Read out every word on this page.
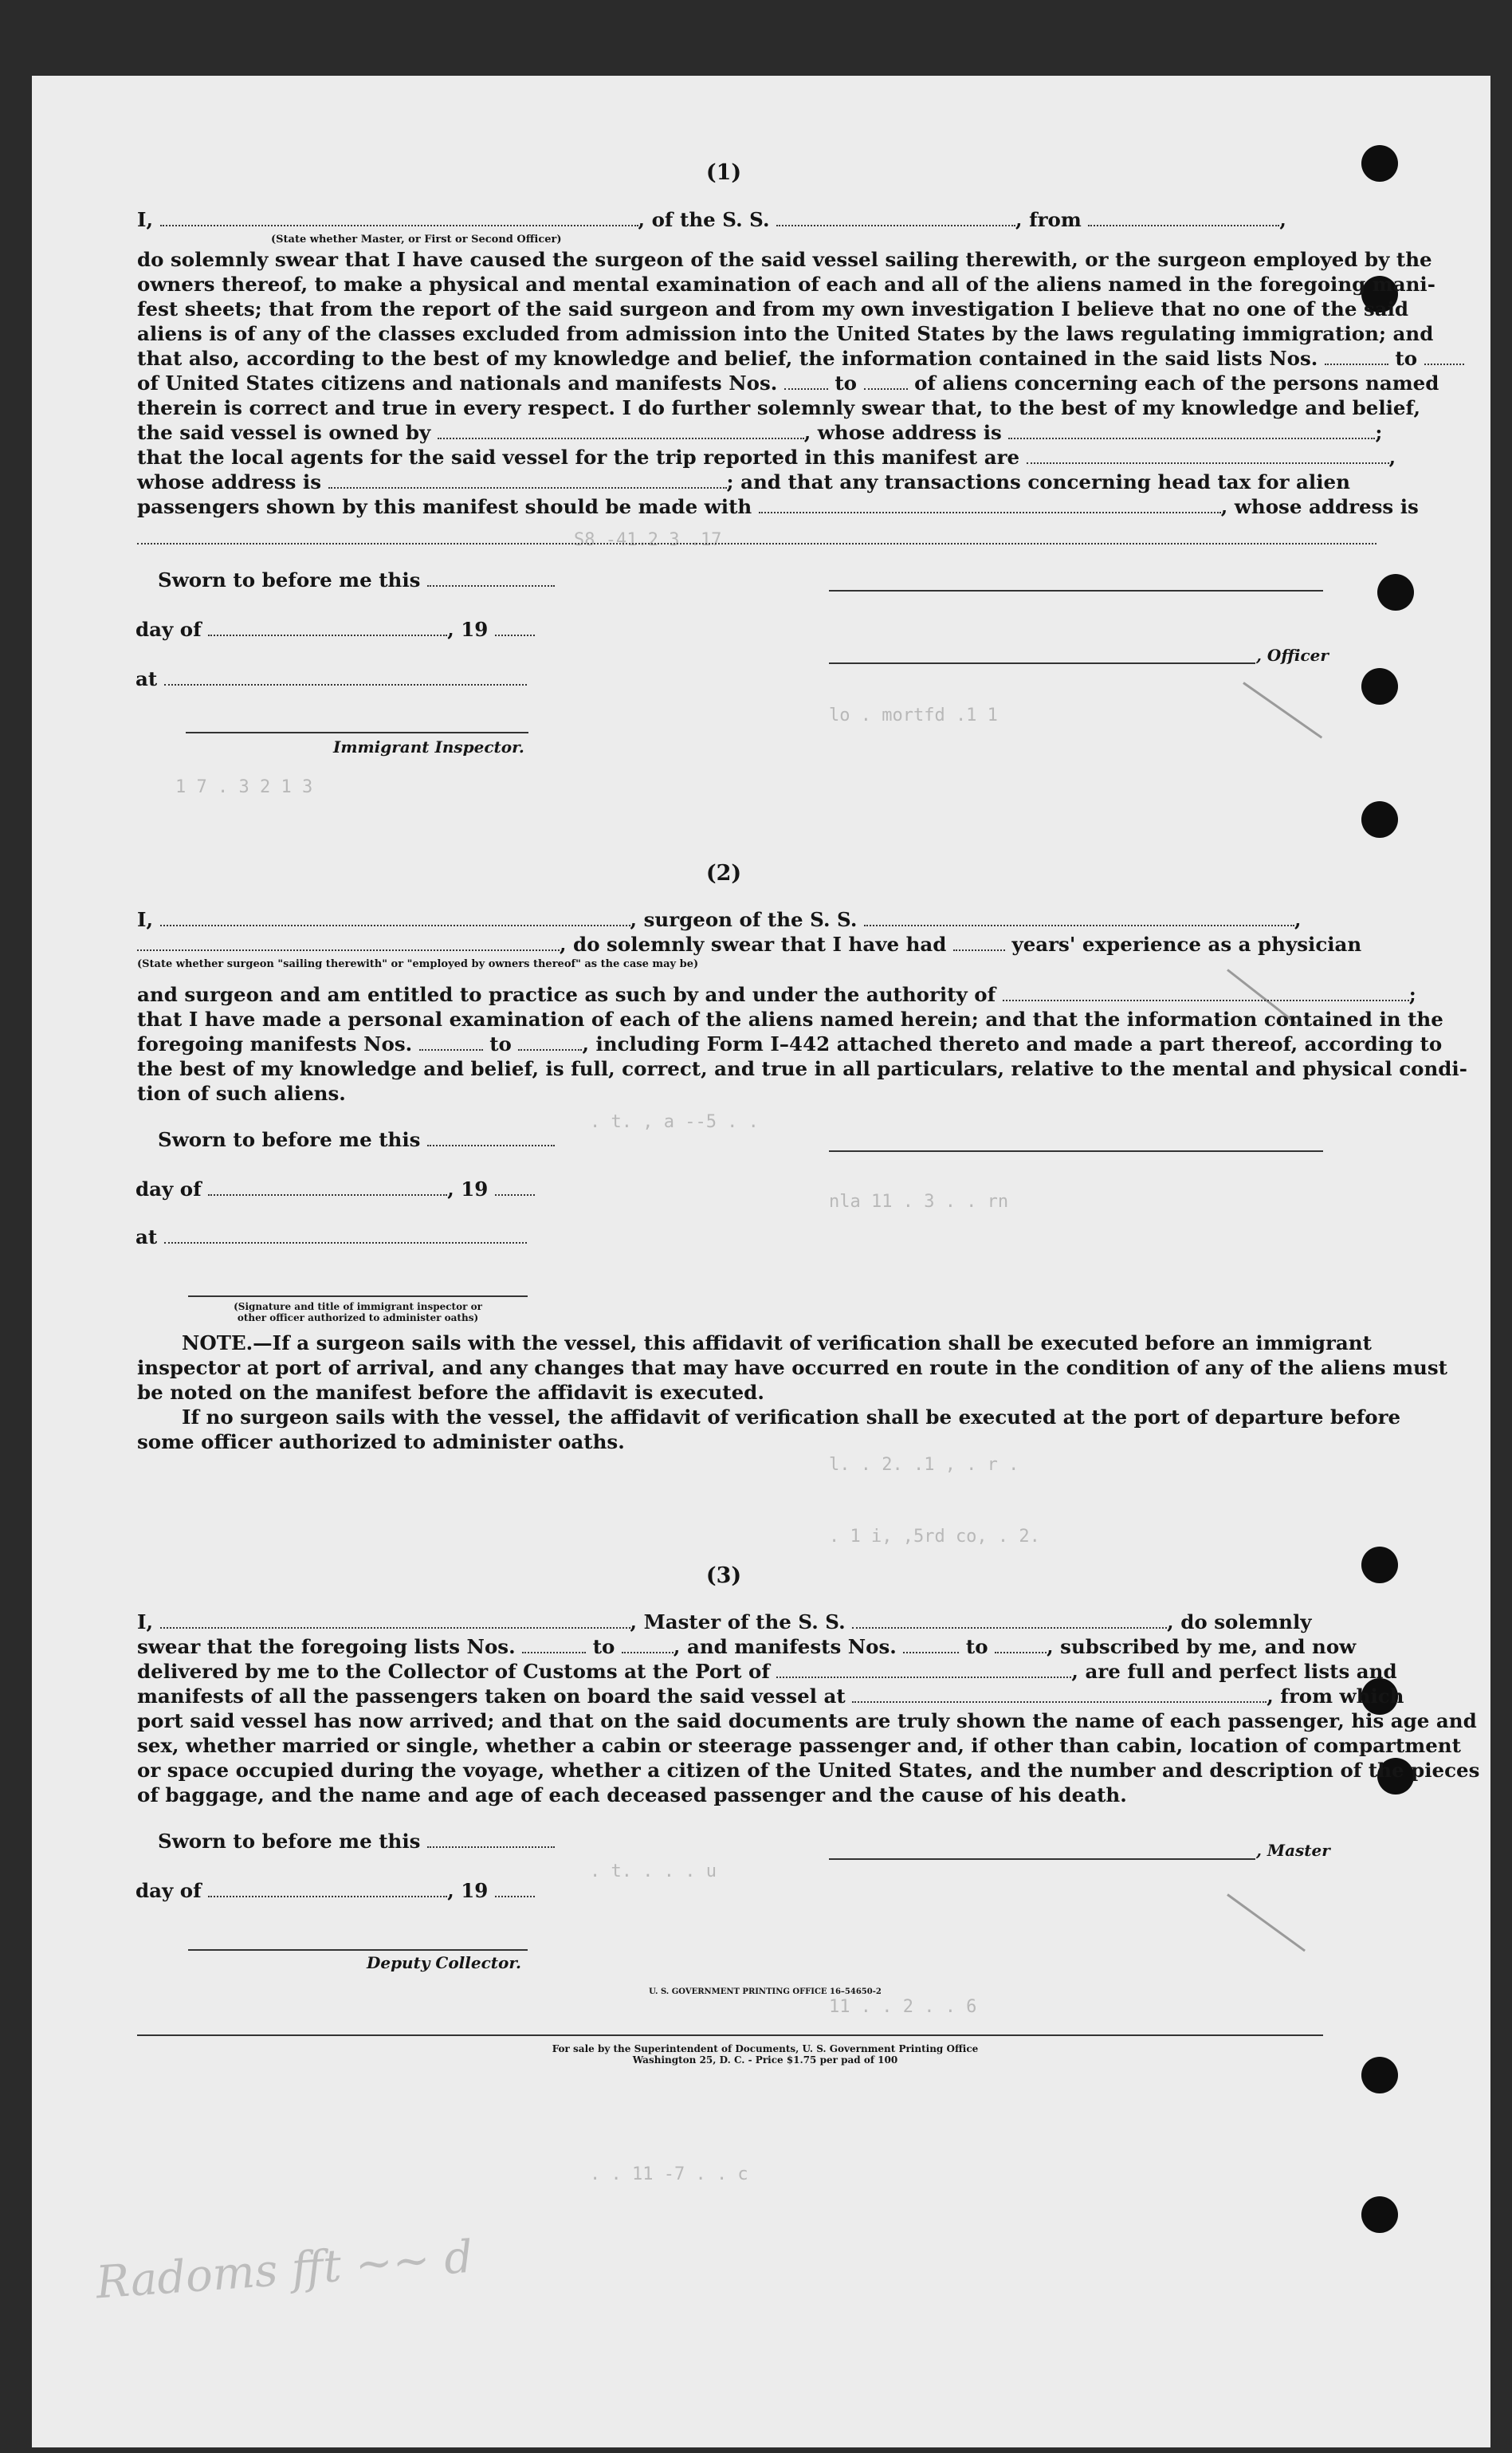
S8 -41.2 3 .17
lo . mortfd .1 1
1 7 . 3 2 1 3
. t. , a --5 . .
nla 11 . 3 . . rn
l. . 2. .1 , . r .
. 1 i, ,5rd co, . 2.
. t. . . . u
11 . . 2 . . 6
. . 11 -7 . . c
Radoms fft ~~ d
(1)
I,	, of the S. S.	, from	,
(State whether Master, or First or Second Officer)
do solemnly swear that I have caused the surgeon of the said vessel sailing therewith, or the surgeon employed by the
owners thereof, to make a physical and mental examination of each and all of the aliens named in the foregoing mani-
fest sheets; that from the report of the said surgeon and from my own investigation I believe that no one of the said
aliens is of any of the classes excluded from admission into the United States by the laws regulating immigration; and
that also, according to the best of my knowledge and belief, the information contained in the said lists Nos.	to
of United States citizens and nationals and manifests Nos.	to	of aliens concerning each of the persons named
therein is correct and true in every respect. I do further solemnly swear that, to the best of my knowledge and belief,
the said vessel is owned by	, whose address is	;
that the local agents for the said vessel for the trip reported in this manifest are	,
whose address is	; and that any transactions concerning head tax for alien
passengers shown by this manifest should be made with	, whose address is
Sworn to before me this
day of	, 19
, Officer
at
Immigrant Inspector.
(2)
I,	, surgeon of the S. S.	,
, do solemnly swear that I have had	years' experience as a physician
(State whether surgeon "sailing therewith" or "employed by owners thereof" as the case may be)
and surgeon and am entitled to practice as such by and under the authority of	;
that I have made a personal examination of each of the aliens named herein; and that the information contained in the
foregoing manifests Nos.	to	, including Form I–442 attached thereto and made a part thereof, according to
the best of my knowledge and belief, is full, correct, and true in all particulars, relative to the mental and physical condi-
tion of such aliens.
Sworn to before me this
day of	, 19
at
(Signature and title of immigrant inspector or
other officer authorized to administer oaths)
NOTE.—If a surgeon sails with the vessel, this affidavit of verification shall be executed before an immigrant
inspector at port of arrival, and any changes that may have occurred en route in the condition of any of the aliens must
be noted on the manifest before the affidavit is executed.
If no surgeon sails with the vessel, the affidavit of verification shall be executed at the port of departure before
some officer authorized to administer oaths.
(3)
I,	, Master of the S. S.	, do solemnly
swear that the foregoing lists Nos.	to	, and manifests Nos.	to	, subscribed by me, and now
delivered by me to the Collector of Customs at the Port of	, are full and perfect lists and
manifests of all the passengers taken on board the said vessel at	, from which
port said vessel has now arrived; and that on the said documents are truly shown the name of each passenger, his age and
sex, whether married or single, whether a cabin or steerage passenger and, if other than cabin, location of compartment
or space occupied during the voyage, whether a citizen of the United States, and the number and description of the pieces
of baggage, and the name and age of each deceased passenger and the cause of his death.
Sworn to before me this	, Master
day of	, 19
Deputy Collector.
U. S. GOVERNMENT PRINTING OFFICE 16–54650-2
For sale by the Superintendent of Documents, U. S. Government Printing Office
Washington 25, D. C. - Price $1.75 per pad of 100
